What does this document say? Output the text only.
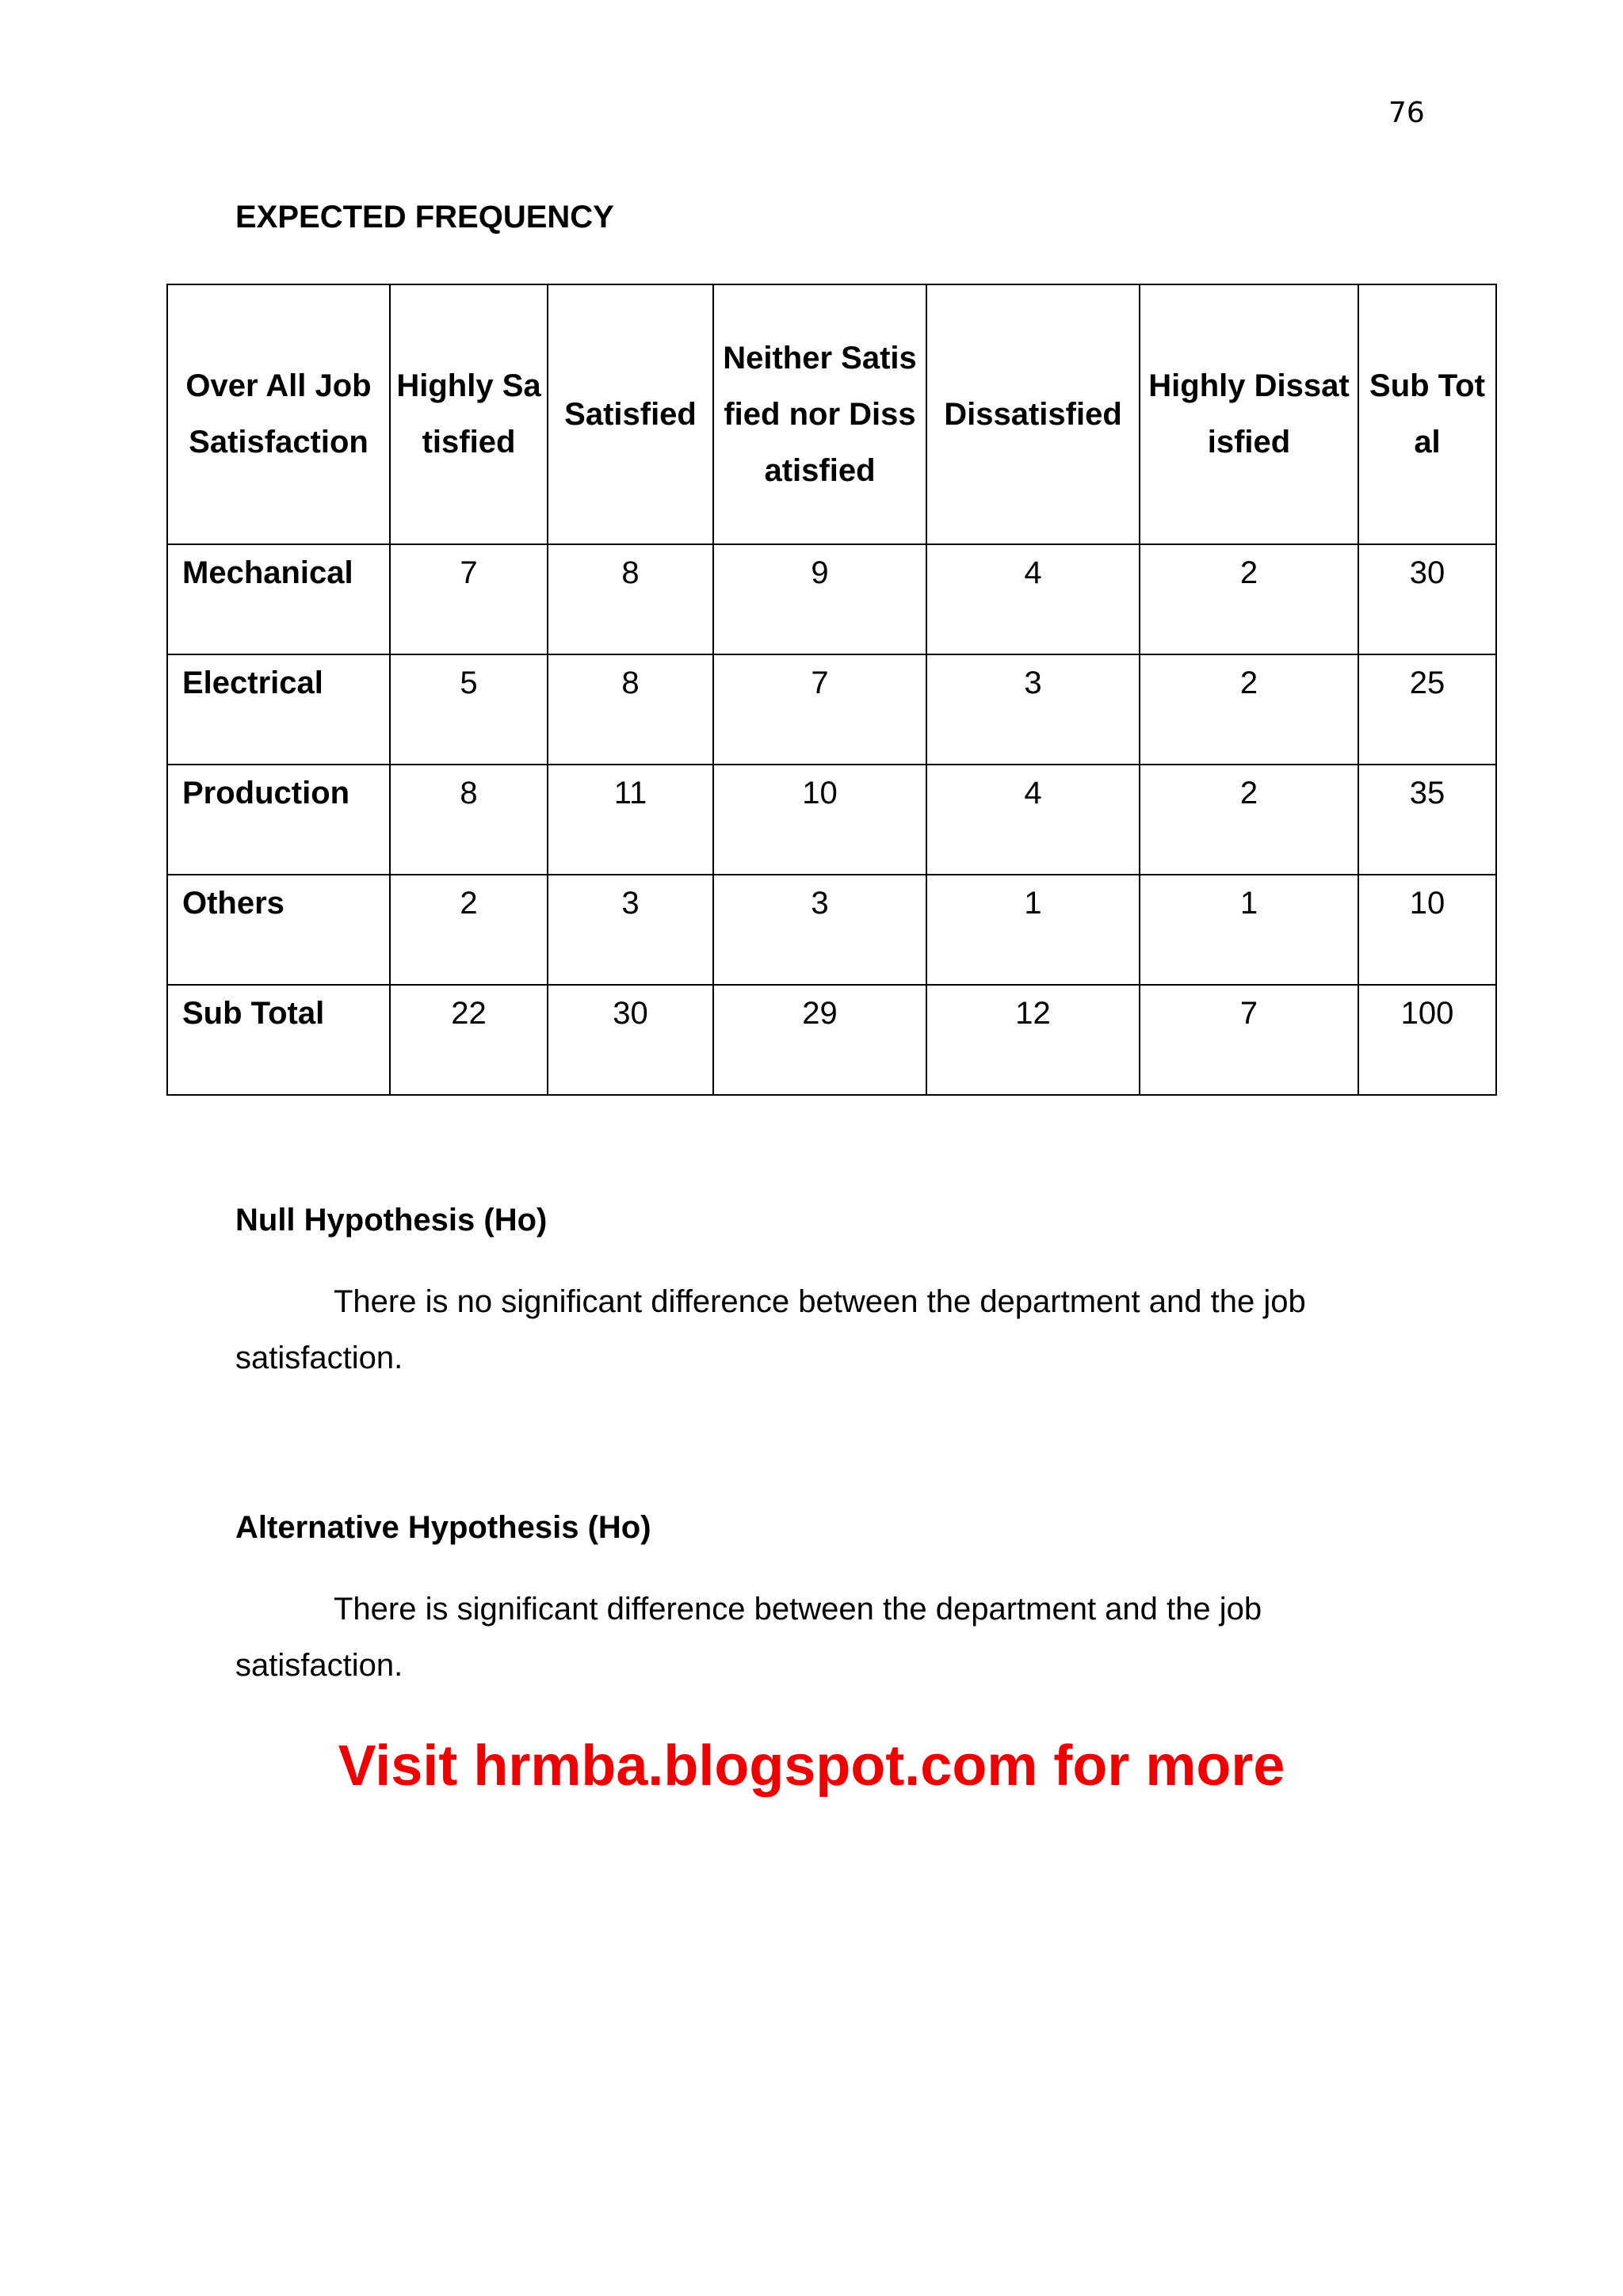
76
EXPECTED FREQUENCY
Over All Job Satisfaction	Highly Satisfied	Satisfied	Neither Satisfied nor Dissatisfied	Dissatisfied	Highly Dissatisfied	Sub Total
Mechanical	7	8	9	4	2	30
Electrical	5	8	7	3	2	25
Production	8	11	10	4	2	35
Others	2	3	3	1	1	10
Sub Total	22	30	29	12	7	100
Null Hypothesis (Ho)
There is no significant difference between the department and the job satisfaction.
Alternative Hypothesis (Ho)
There is significant difference between the department and the job satisfaction.
Visit hrmba.blogspot.com for more
